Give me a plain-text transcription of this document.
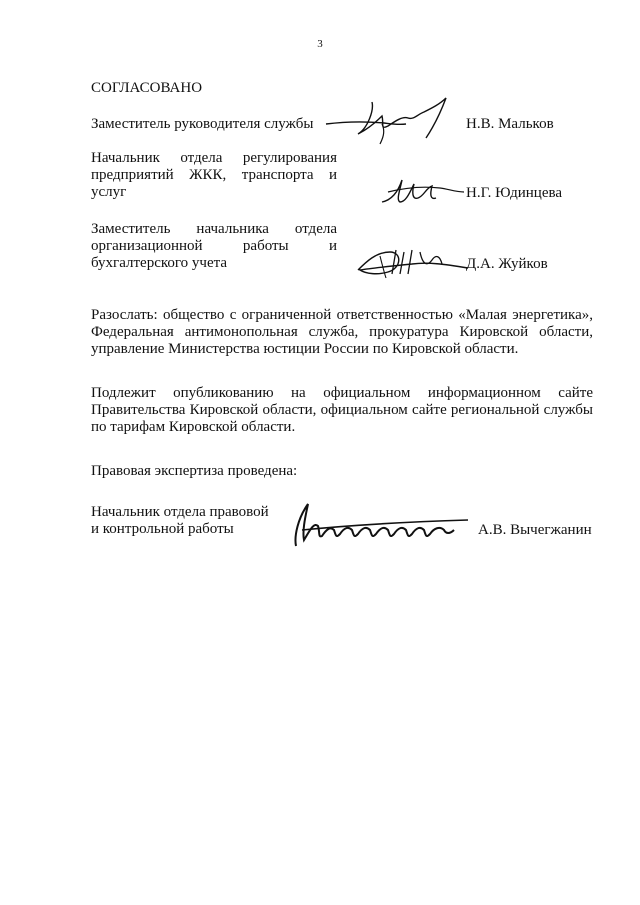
3
СОГЛАСОВАНО
Заместитель руководителя службы	Н.В. Мальков
Начальник отдела регулирования
предприятий ЖКК, транспорта и
услуг	Н.Г. Юдинцева
Заместитель начальника отдела
организационной работы и
бухгалтерского учета	Д.А. Жуйков
Разослать: общество с ограниченной ответственностью «Малая энергетика»,
Федеральная антимонопольная служба, прокуратура Кировской области,
управление Министерства юстиции России по Кировской области.
Подлежит опубликованию на официальном информационном сайте
Правительства Кировской области, официальном сайте региональной службы
по тарифам Кировской области.
Правовая экспертиза проведена:
Начальник отдела правовой
и контрольной работы	А.В. Вычегжанин
